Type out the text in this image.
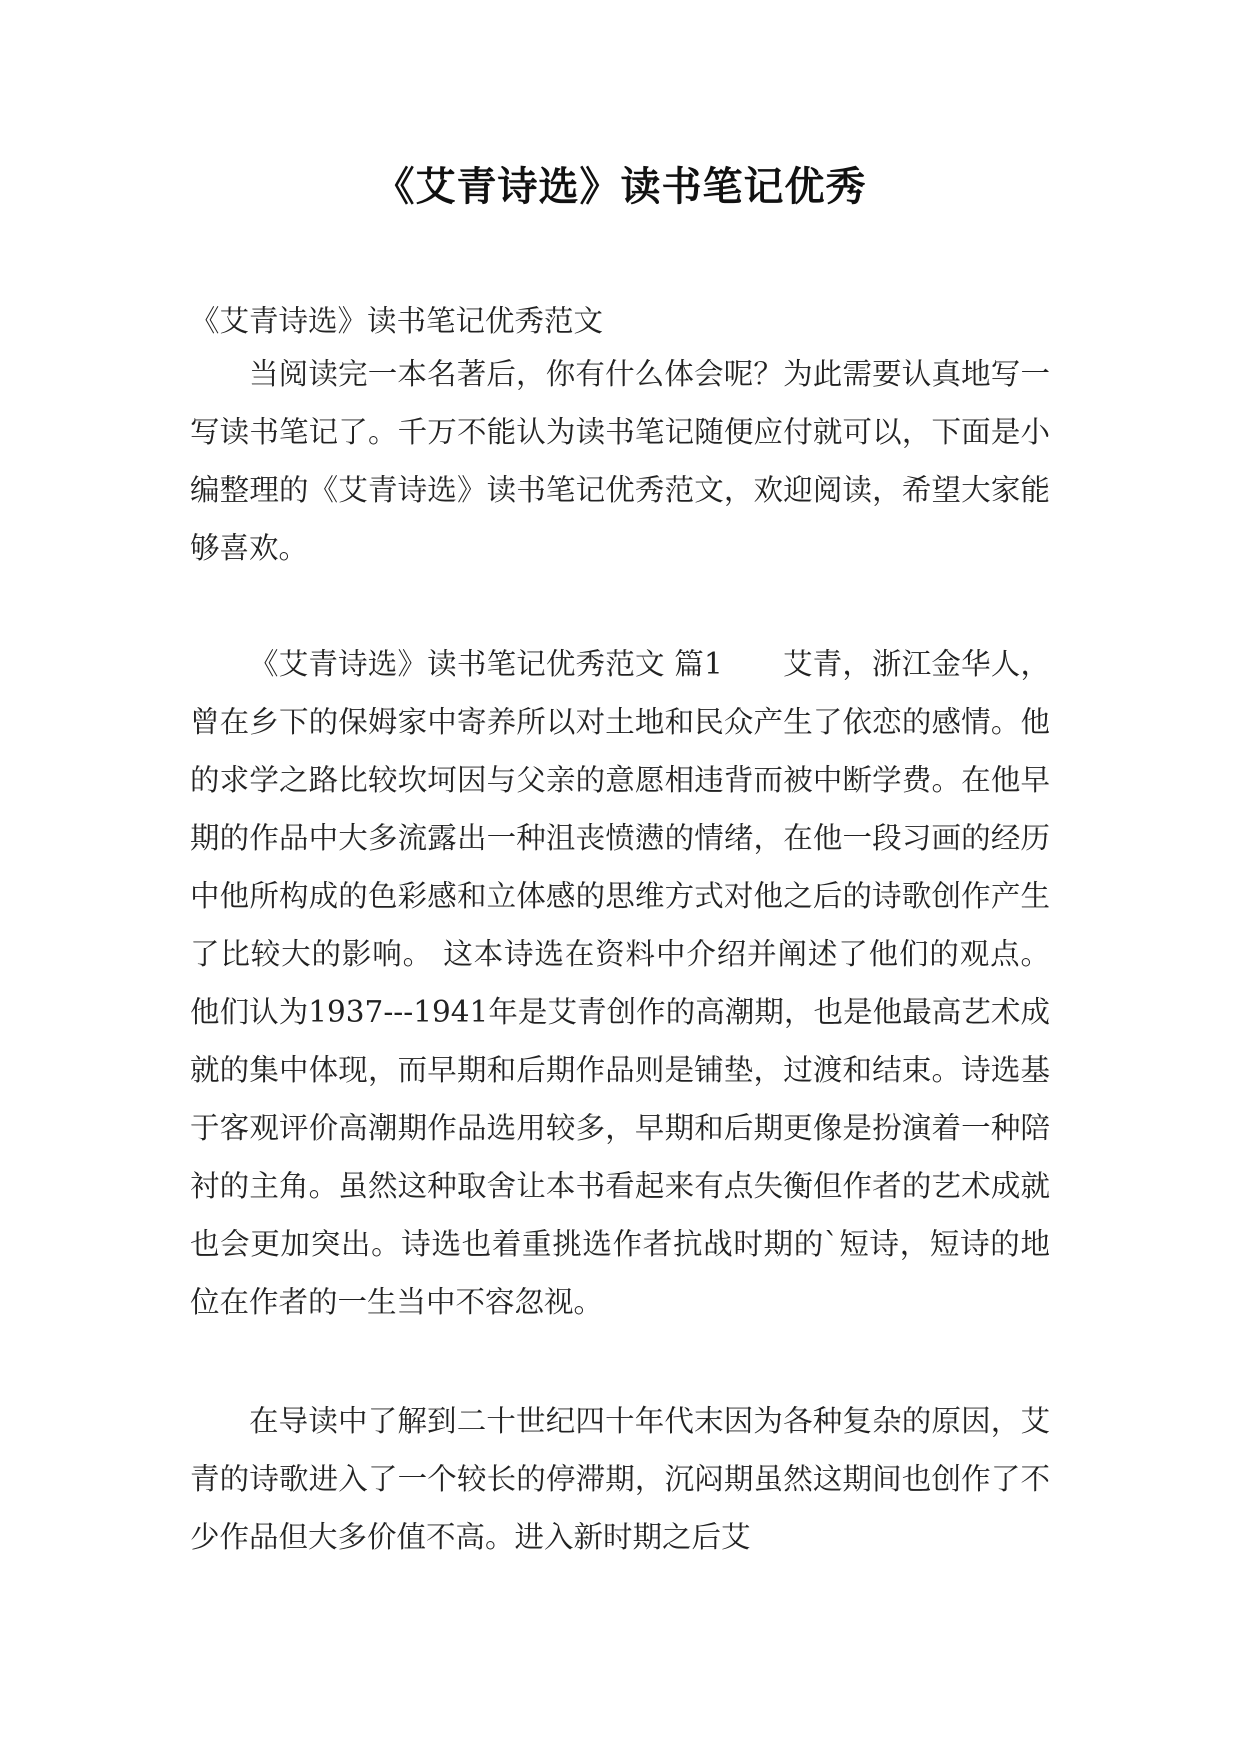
《艾青诗选》读书笔记优秀
《艾青诗选》读书笔记优秀范文
当阅读完一本名著后，你有什么体会呢？为此需要认真地写一写读书笔记了。千万不能认为读书笔记随便应付就可以，下面是小编整理的《艾青诗选》读书笔记优秀范文，欢迎阅读，希望大家能够喜欢。
《艾青诗选》读书笔记优秀范文 篇1 艾青，浙江金华人，曾在乡下的保姆家中寄养所以对土地和民众产生了依恋的感情。他的求学之路比较坎坷因与父亲的意愿相违背而被中断学费。在他早期的作品中大多流露出一种沮丧愤懑的情绪，在他一段习画的经历中他所构成的色彩感和立体感的思维方式对他之后的诗歌创作产生了比较大的影响。 这本诗选在资料中介绍并阐述了他们的观点。他们认为1937---1941年是艾青创作的高潮期，也是他最高艺术成就的集中体现，而早期和后期作品则是铺垫，过渡和结束。诗选基于客观评价高潮期作品选用较多，早期和后期更像是扮演着一种陪衬的主角。虽然这种取舍让本书看起来有点失衡但作者的艺术成就也会更加突出。诗选也着重挑选作者抗战时期的`短诗，短诗的地位在作者的一生当中不容忽视。
在导读中了解到二十世纪四十年代末因为各种复杂的原因，艾青的诗歌进入了一个较长的停滞期，沉闷期虽然这期间也创作了不少作品但大多价值不高。进入新时期之后艾
